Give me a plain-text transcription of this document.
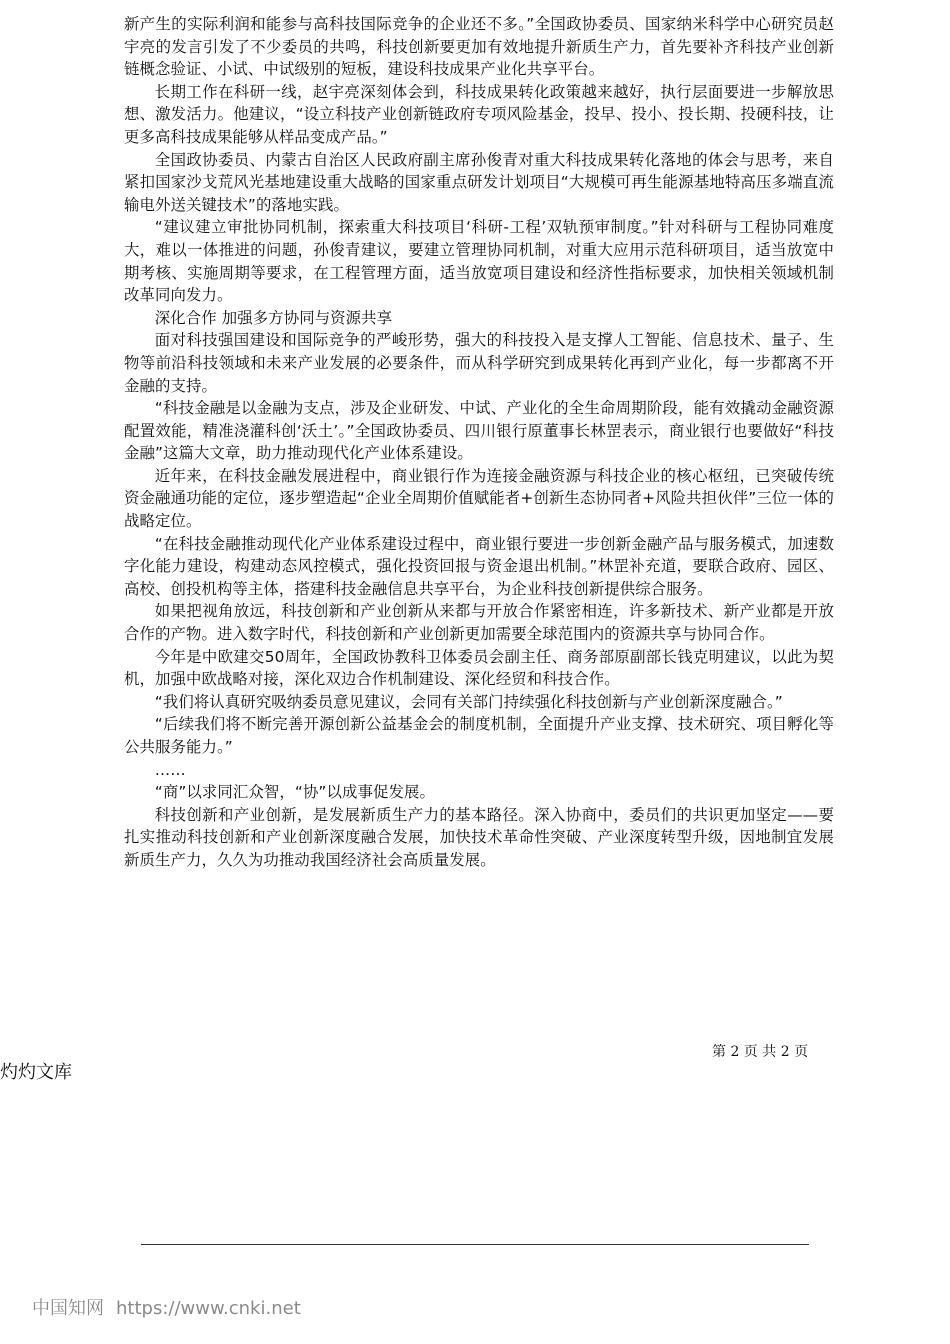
新产生的实际利润和能参与高科技国际竞争的企业还不多。”全国政协委员、国家纳米科学中心研究员赵宇亮的发言引发了不少委员的共鸣，科技创新要更加有效地提升新质生产力，首先要补齐科技产业创新链概念验证、小试、中试级别的短板，建设科技成果产业化共享平台。

长期工作在科研一线，赵宇亮深刻体会到，科技成果转化政策越来越好，执行层面要进一步解放思想、激发活力。他建议，“设立科技产业创新链政府专项风险基金，投早、投小、投长期、投硬科技，让更多高科技成果能够从样品变成产品。”

全国政协委员、内蒙古自治区人民政府副主席孙俊青对重大科技成果转化落地的体会与思考，来自紧扣国家沙戈荒风光基地建设重大战略的国家重点研发计划项目“大规模可再生能源基地特高压多端直流输电外送关键技术”的落地实践。

“建议建立审批协同机制，探索重大科技项目‘科研-工程’双轨预审制度。”针对科研与工程协同难度大，难以一体推进的问题，孙俊青建议，要建立管理协同机制，对重大应用示范科研项目，适当放宽中期考核、实施周期等要求，在工程管理方面，适当放宽项目建设和经济性指标要求，加快相关领域机制改革同向发力。

深化合作 加强多方协同与资源共享

面对科技强国建设和国际竞争的严峻形势，强大的科技投入是支撑人工智能、信息技术、量子、生物等前沿科技领域和未来产业发展的必要条件，而从科学研究到成果转化再到产业化，每一步都离不开金融的支持。

“科技金融是以金融为支点，涉及企业研发、中试、产业化的全生命周期阶段，能有效撬动金融资源配置效能，精准浇灌科创‘沃土’。”全国政协委员、四川银行原董事长林罡表示，商业银行也要做好“科技金融”这篇大文章，助力推动现代化产业体系建设。

近年来，在科技金融发展进程中，商业银行作为连接金融资源与科技企业的核心枢纽，已突破传统资金融通功能的定位，逐步塑造起“企业全周期价值赋能者+创新生态协同者+风险共担伙伴”三位一体的战略定位。

“在科技金融推动现代化产业体系建设过程中，商业银行要进一步创新金融产品与服务模式，加速数字化能力建设，构建动态风控模式，强化投资回报与资金退出机制。”林罡补充道，要联合政府、园区、高校、创投机构等主体，搭建科技金融信息共享平台，为企业科技创新提供综合服务。

如果把视角放远，科技创新和产业创新从来都与开放合作紧密相连，许多新技术、新产业都是开放合作的产物。进入数字时代，科技创新和产业创新更加需要全球范围内的资源共享与协同合作。

今年是中欧建交50周年，全国政协教科卫体委员会副主任、商务部原副部长钱克明建议，以此为契机，加强中欧战略对接，深化双边合作机制建设、深化经贸和科技合作。

“我们将认真研究吸纳委员意见建议，会同有关部门持续强化科技创新与产业创新深度融合。”

“后续我们将不断完善开源创新公益基金会的制度机制，全面提升产业支撑、技术研究、项目孵化等公共服务能力。”

……

“商”以求同汇众智，“协”以成事促发展。

科技创新和产业创新，是发展新质生产力的基本路径。深入协商中，委员们的共识更加坚定——要扎实推动科技创新和产业创新深度融合发展，加快技术革命性突破、产业深度转型升级，因地制宜发展新质生产力，久久为功推动我国经济社会高质量发展。

第 2 页 共 2 页
灼灼文库
中国知网 https://www.cnki.net
